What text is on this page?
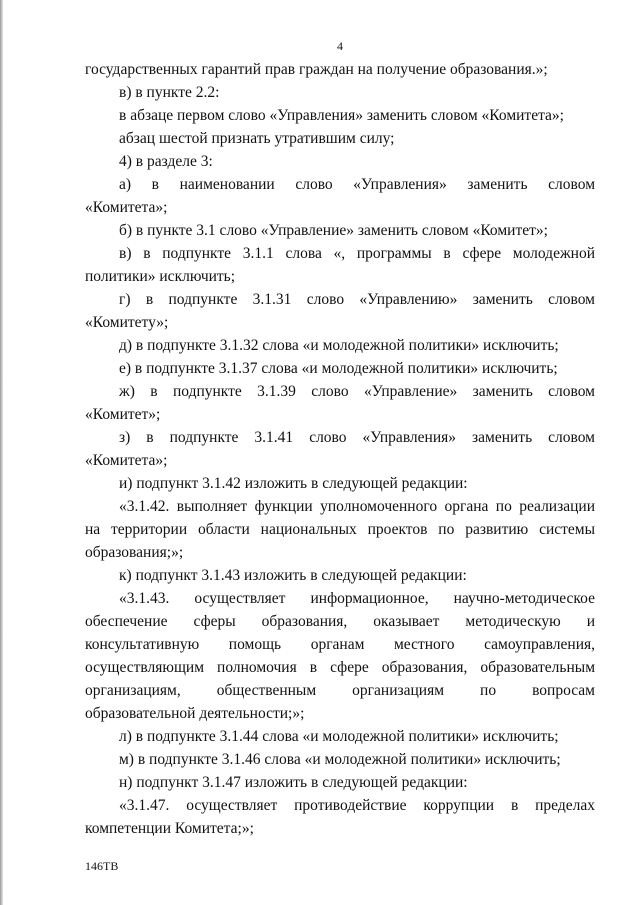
4
государственных гарантий прав граждан на получение образования.»;
в) в пункте 2.2:
в абзаце первом слово «Управления» заменить словом «Комитета»;
абзац шестой признать утратившим силу;
4) в разделе 3:
а) в наименовании слово «Управления» заменить словом
«Комитета»;
б) в пункте 3.1 слово «Управление» заменить словом «Комитет»;
в) в подпункте 3.1.1 слова «, программы в сфере молодежной
политики» исключить;
г) в подпункте 3.1.31 слово «Управлению» заменить словом
«Комитету»;
д) в подпункте 3.1.32 слова «и молодежной политики» исключить;
е) в подпункте 3.1.37 слова «и молодежной политики» исключить;
ж) в подпункте 3.1.39 слово «Управление» заменить словом
«Комитет»;
з) в подпункте 3.1.41 слово «Управления» заменить словом
«Комитета»;
и) подпункт 3.1.42 изложить в следующей редакции:
«3.1.42. выполняет функции уполномоченного органа по реализации
на территории области национальных проектов по развитию системы
образования;»;
к) подпункт 3.1.43 изложить в следующей редакции:
«3.1.43. осуществляет информационное, научно-методическое
обеспечение сферы образования, оказывает методическую и
консультативную помощь органам местного самоуправления,
осуществляющим полномочия в сфере образования, образовательным
организациям, общественным организациям по вопросам
образовательной деятельности;»;
л) в подпункте 3.1.44 слова «и молодежной политики» исключить;
м) в подпункте 3.1.46 слова «и молодежной политики» исключить;
н) подпункт 3.1.47 изложить в следующей редакции:
«3.1.47. осуществляет противодействие коррупции в пределах
компетенции Комитета;»;
146ТВ
